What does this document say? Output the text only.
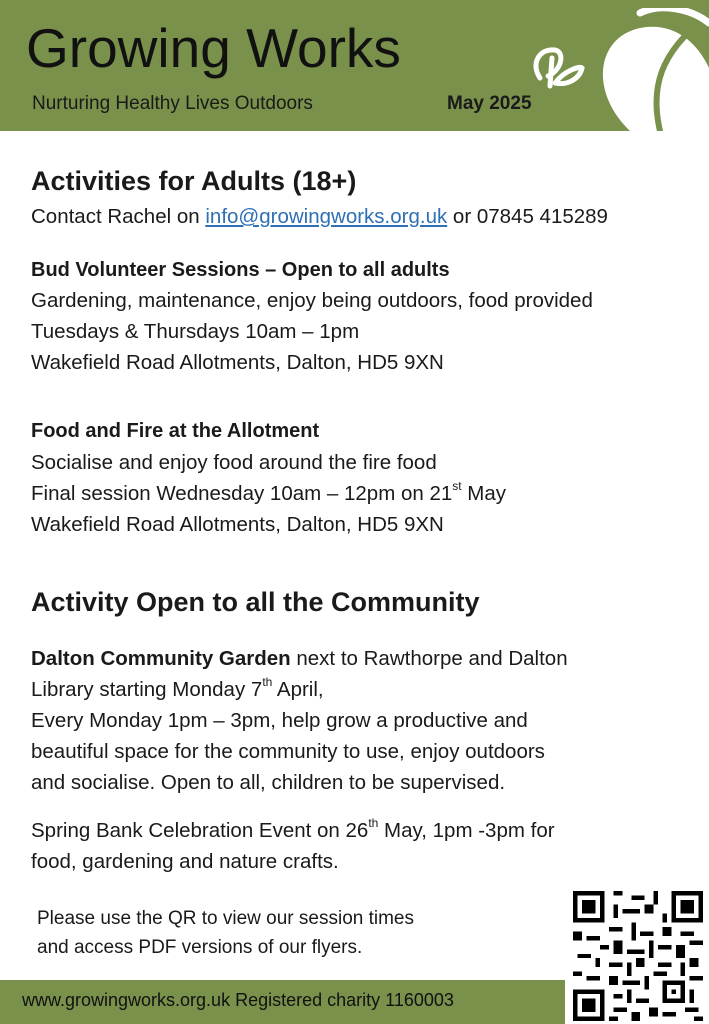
Growing Works
Nurturing Healthy Lives Outdoors	May 2025
Activities for Adults (18+)
Contact Rachel on info@growingworks.org.uk or 07845 415289
Bud Volunteer Sessions – Open to all adults
Gardening, maintenance, enjoy being outdoors, food provided
Tuesdays & Thursdays 10am – 1pm
Wakefield Road Allotments, Dalton, HD5 9XN
Food and Fire at the Allotment
Socialise and enjoy food around the fire food
Final session Wednesday 10am – 12pm on 21st May
Wakefield Road Allotments, Dalton, HD5 9XN
Activity Open to all the Community
Dalton Community Garden next to Rawthorpe and Dalton
Library starting Monday 7th April,
Every Monday 1pm – 3pm, help grow a productive and
beautiful space for the community to use, enjoy outdoors
and socialise. Open to all, children to be supervised.
Spring Bank Celebration Event on 26th May, 1pm -3pm for
food, gardening and nature crafts.
Please use the QR to view our session times
and access PDF versions of our flyers.
www.growingworks.org.uk Registered charity 1160003
